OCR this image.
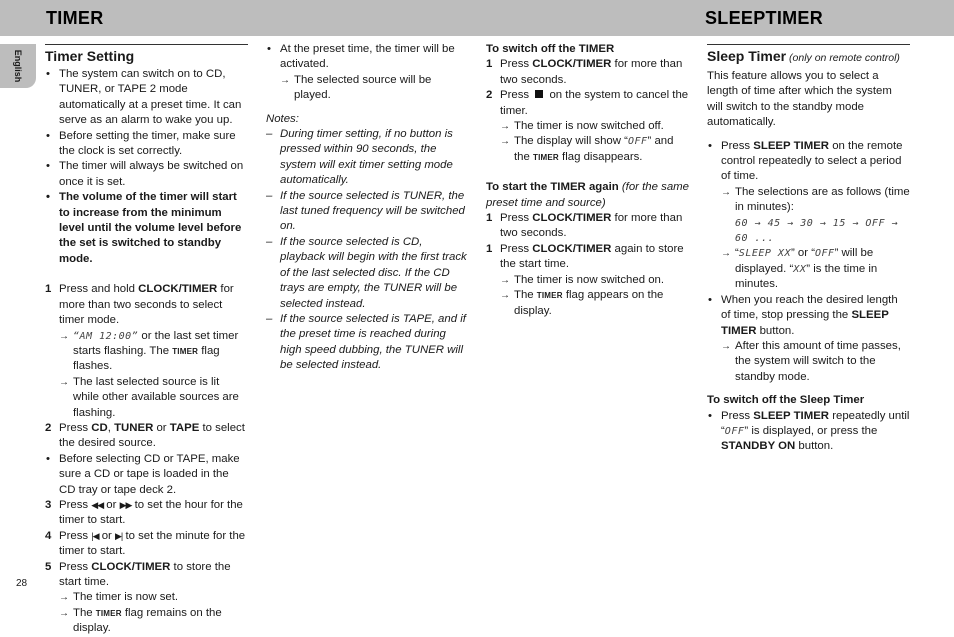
TIMER	SLEEPTIMER
English
28
Timer Setting
• The system can switch on to CD, TUNER, or TAPE 2 mode automatically at a preset time. It can serve as an alarm to wake you up.
• Before setting the timer, make sure the clock is set correctly.
• The timer will always be switched on once it is set.
• The volume of the timer will start to increase from the minimum level until the volume level before the set is switched to standby mode.
1 Press and hold CLOCK/TIMER for more than two seconds to select timer mode.
→ “AM 12:00” or the last set timer starts flashing. The TIMER flag flashes.
→ The last selected source is lit while other available sources are flashing.
2 Press CD, TUNER or TAPE to select the desired source.
• Before selecting CD or TAPE, make sure a CD or tape is loaded in the CD tray or tape deck 2.
3 Press ◀◀ or ▶▶ to set the hour for the timer to start.
4 Press |◀ or ▶| to set the minute for the timer to start.
5 Press CLOCK/TIMER to store the start time.
→ The timer is now set.
→ The TIMER flag remains on the display.
• At the preset time, the timer will be activated.
→ The selected source will be played.
Notes:
– During timer setting, if no button is pressed within 90 seconds, the system will exit timer setting mode automatically.
– If the source selected is TUNER, the last tuned frequency will be switched on.
– If the source selected is CD, playback will begin with the first track of the last selected disc. If the CD trays are empty, the TUNER will be selected instead.
– If the source selected is TAPE, and if the preset time is reached during high speed dubbing, the TUNER will be selected instead.
To switch off the TIMER
1 Press CLOCK/TIMER for more than two seconds.
2 Press  on the system to cancel the timer.
→ The timer is now switched off.
→ The display will show “OFF” and the TIMER flag disappears.
To start the TIMER again (for the same preset time and source)
1 Press CLOCK/TIMER for more than two seconds.
1 Press CLOCK/TIMER again to store the start time.
→ The timer is now switched on.
→ The TIMER flag appears on the display.
Sleep Timer (only on remote control)
This feature allows you to select a length of time after which the system will switch to the standby mode automatically.
• Press SLEEP TIMER on the remote control repeatedly to select a period of time.
→ The selections are as follows (time in minutes):
60 → 45 → 30 → 15 → OFF → 60 ...
→ “SLEEP XX” or “OFF” will be displayed. “XX” is the time in minutes.
• When you reach the desired length of time, stop pressing the SLEEP TIMER button.
→ After this amount of time passes, the system will switch to the standby mode.
To switch off the Sleep Timer
• Press SLEEP TIMER repeatedly until “OFF” is displayed, or press the STANDBY ON button.
